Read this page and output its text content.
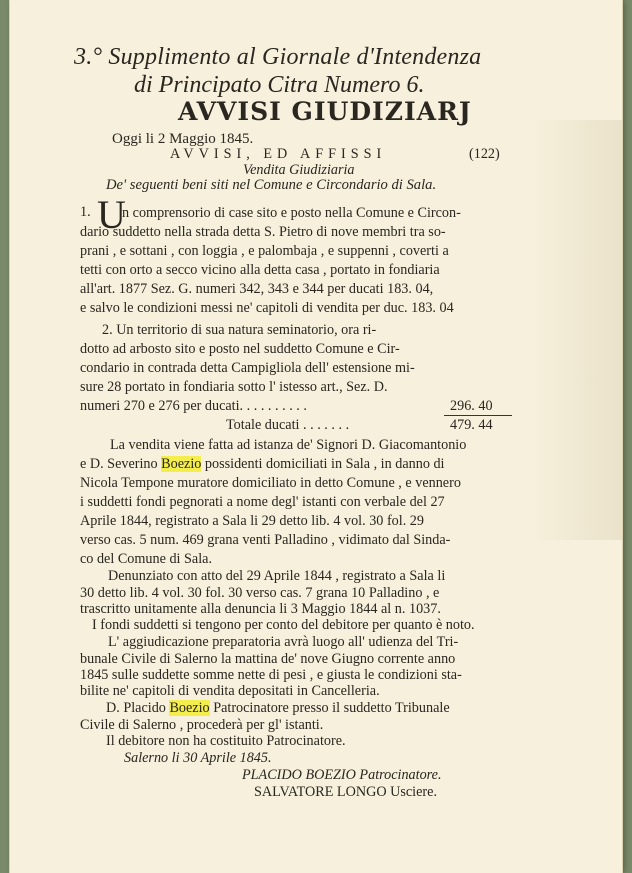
3.° Supplimento al Giornale d'Intendenza
di Principato Citra Numero 6.
AVVISI GIUDIZIARJ
Oggi li 2 Maggio 1845.
AVVISI, ED AFFISSI	(122)
Vendita Giudiziaria
De' seguenti beni siti nel Comune e Circondario di Sala.
1. U
n comprensorio di case sito e posto nella Comune e Circon-
dario suddetto nella strada detta S. Pietro di nove membri tra so-
prani , e sottani , con loggia , e palombaja , e suppenni , coverti a
tetti con orto a secco vicino alla detta casa , portato in fondiaria
all'art. 1877 Sez. G. numeri 342, 343 e 344 per ducati 183. 04,
e salvo le condizioni messi ne' capitoli di vendita per duc. 183. 04
2. Un territorio di sua natura seminatorio, ora ri-
dotto ad arbosto sito e posto nel suddetto Comune e Cir-
condario in contrada detta Campigliola dell' estensione mi-
sure 28 portato in fondiaria sotto l' istesso art., Sez. D.
numeri 270 e 276 per ducati. . . . . . . . . .	296. 40
Totale ducati . . . . . . .	479. 44
La vendita viene fatta ad istanza de' Signori D. Giacomantonio
e D. Severino Boezio possidenti domiciliati in Sala , in danno di
Nicola Tempone muratore domiciliato in detto Comune , e vennero
i suddetti fondi pegnorati a nome degl' istanti con verbale del 27
Aprile 1844, registrato a Sala li 29 detto lib. 4 vol. 30 fol. 29
verso cas. 5 num. 469 grana venti Palladino , vidimato dal Sinda-
co del Comune di Sala.
Denunziato con atto del 29 Aprile 1844 , registrato a Sala li
30 detto lib. 4 vol. 30 fol. 30 verso cas. 7 grana 10 Palladino , e
trascritto unitamente alla denuncia li 3 Maggio 1844 al n. 1037.
I fondi suddetti si tengono per conto del debitore per quanto è noto.
L' aggiudicazione preparatoria avrà luogo all' udienza del Tri-
bunale Civile di Salerno la mattina de' nove Giugno corrente anno
1845 sulle suddette somme nette di pesi , e giusta le condizioni sta-
bilite ne' capitoli di vendita depositati in Cancelleria.
D. Placido Boezio Patrocinatore presso il suddetto Tribunale
Civile di Salerno , procederà per gl' istanti.
Il debitore non ha costituito Patrocinatore.
Salerno li 30 Aprile 1845.
PLACIDO BOEZIO Patrocinatore.
SALVATORE LONGO Usciere.
